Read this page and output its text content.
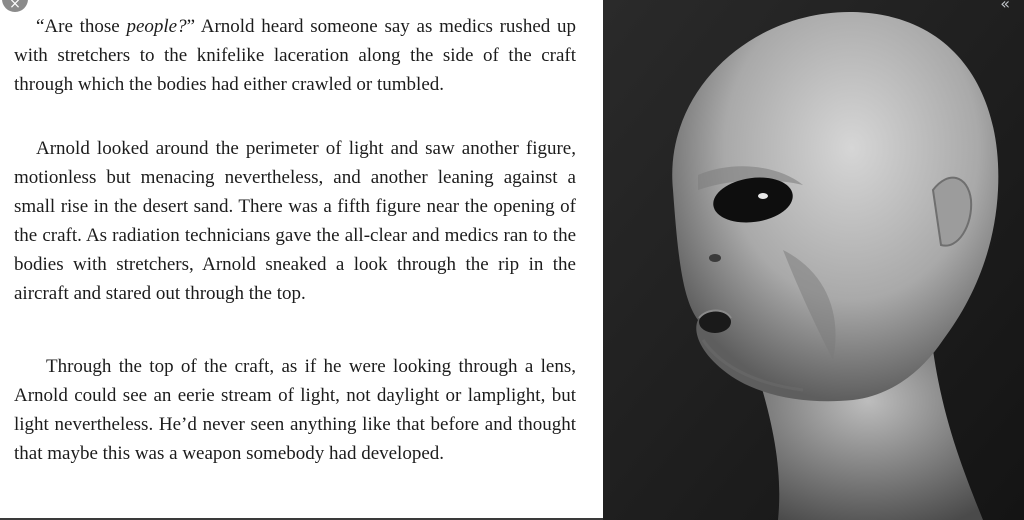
“Are those people?” Arnold heard someone say as medics rushed up with stretchers to the knifelike laceration along the side of the craft through which the bodies had either crawled or tumbled.

Arnold looked around the perimeter of light and saw another figure, motionless but menacing nevertheless, and another leaning against a small rise in the desert sand. There was a fifth figure near the opening of the craft. As radiation technicians gave the all-clear and medics ran to the bodies with stretchers, Arnold sneaked a look through the rip in the aircraft and stared out through the top.

Through the top of the craft, as if he were looking through a lens, Arnold could see an eerie stream of light, not daylight or lamplight, but light nevertheless. He’d never seen anything like that before and thought that maybe this was a weapon somebody had developed.

×	«
